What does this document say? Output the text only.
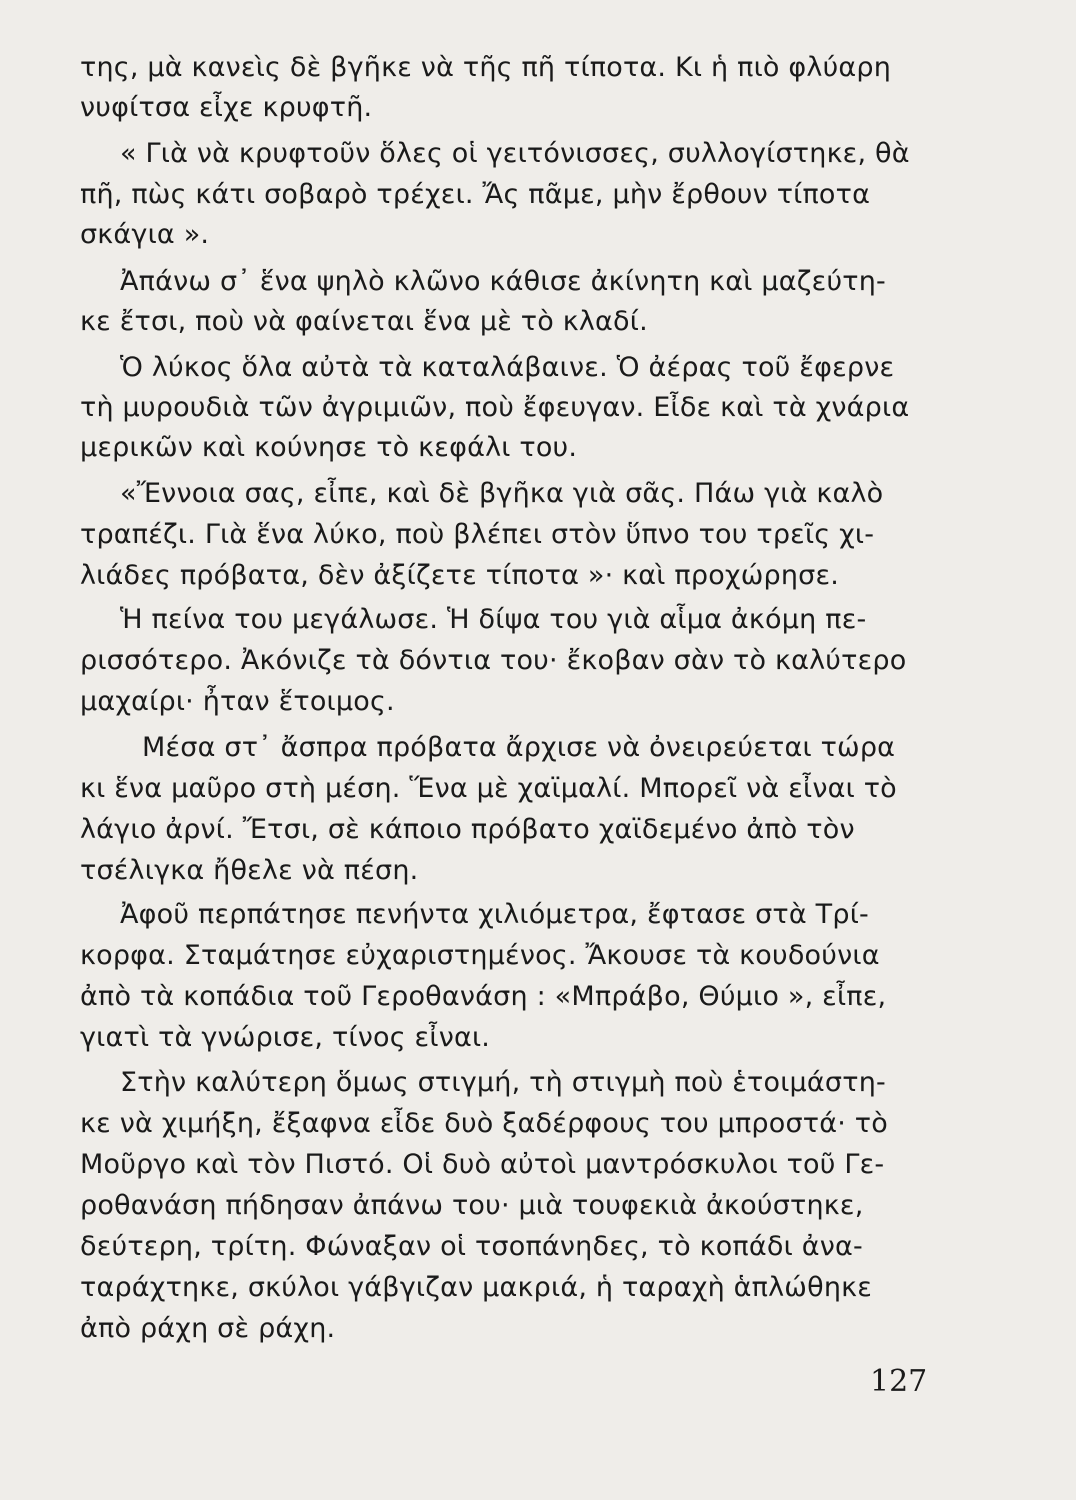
της, μὰ κανεὶς δὲ βγῆκε νὰ τῆς πῆ τίποτα. Κι ἡ πιὸ φλύαρη
νυφίτσα εἶχε κρυφτῆ.
« Γιὰ νὰ κρυφτοῦν ὅλες οἱ γειτόνισσες, συλλογίστηκε, θὰ
πῆ, πὼς κάτι σοβαρὸ τρέχει. Ἄς πᾶμε, μὴν ἔρθουν τίποτα
σκάγια ».
Ἀπάνω σ᾽ ἕνα ψηλὸ κλῶνο κάθισε ἀκίνητη καὶ μαζεύτη-
κε ἔτσι, ποὺ νὰ φαίνεται ἕνα μὲ τὸ κλαδί.
Ὁ λύκος ὅλα αὐτὰ τὰ καταλάβαινε. Ὁ ἀέρας τοῦ ἔφερνε
τὴ μυρουδιὰ τῶν ἀγριμιῶν, ποὺ ἔφευγαν. Εἶδε καὶ τὰ χνάρια
μερικῶν καὶ κούνησε τὸ κεφάλι του.
«Ἔννοια σας, εἶπε, καὶ δὲ βγῆκα γιὰ σᾶς. Πάω γιὰ καλὸ
τραπέζι. Γιὰ ἕνα λύκο, ποὺ βλέπει στὸν ὕπνο του τρεῖς χι-
λιάδες πρόβατα, δὲν ἀξίζετε τίποτα »· καὶ προχώρησε.
Ἡ πείνα του μεγάλωσε. Ἡ δίψα του γιὰ αἷμα ἀκόμη πε-
ρισσότερο. Ἀκόνιζε τὰ δόντια του· ἔκοβαν σὰν τὸ καλύτερο
μαχαίρι· ἦταν ἕτοιμος.
Μέσα στ᾽ ἄσπρα πρόβατα ἄρχισε νὰ ὀνειρεύεται τώρα
κι ἕνα μαῦρο στὴ μέση. Ἕνα μὲ χαϊμαλί. Μπορεῖ νὰ εἶναι τὸ
λάγιο ἀρνί. Ἔτσι, σὲ κάποιο πρόβατο χαϊδεμένο ἀπὸ τὸν
τσέλιγκα ἤθελε νὰ πέση.
Ἀφοῦ περπάτησε πενήντα χιλιόμετρα, ἔφτασε στὰ Τρί-
κορφα. Σταμάτησε εὐχαριστημένος. Ἄκουσε τὰ κουδούνια
ἀπὸ τὰ κοπάδια τοῦ Γεροθανάση : «Μπράβο, Θύμιο », εἶπε,
γιατὶ τὰ γνώρισε, τίνος εἶναι.
Στὴν καλύτερη ὅμως στιγμή, τὴ στιγμὴ ποὺ ἑτοιμάστη-
κε νὰ χιμήξη, ἔξαφνα εἶδε δυὸ ξαδέρφους του μπροστά· τὸ
Μοῦργο καὶ τὸν Πιστό. Οἱ δυὸ αὐτοὶ μαντρόσκυλοι τοῦ Γε-
ροθανάση πήδησαν ἀπάνω του· μιὰ τουφεκιὰ ἀκούστηκε,
δεύτερη, τρίτη. Φώναξαν οἱ τσοπάνηδες, τὸ κοπάδι ἀνα-
ταράχτηκε, σκύλοι γάβγιζαν μακριά, ἡ ταραχὴ ἁπλώθηκε
ἀπὸ ράχη σὲ ράχη.
127
